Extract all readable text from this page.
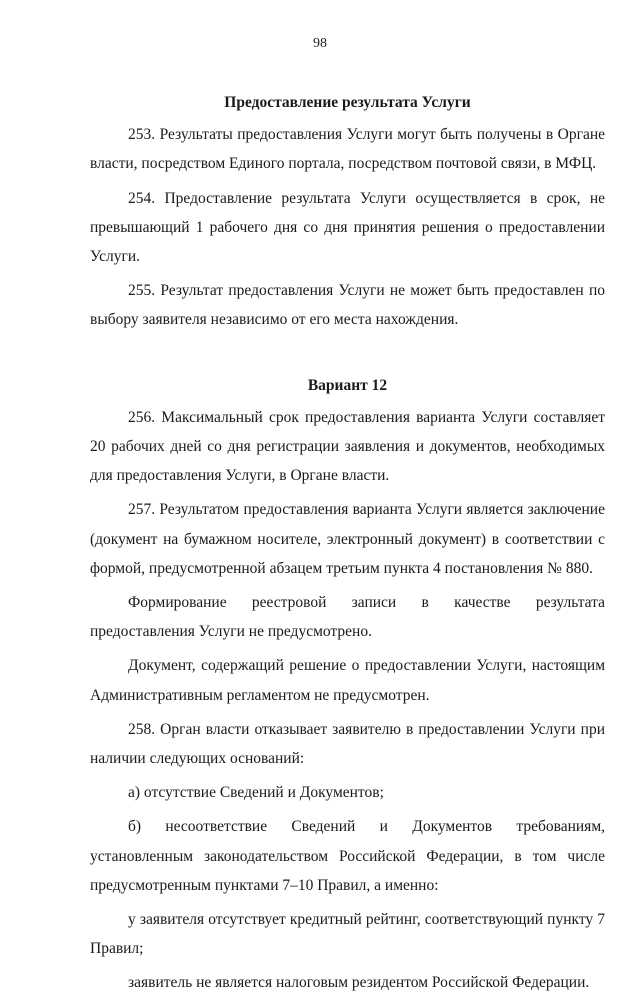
98

Предоставление результата Услуги

253. Результаты предоставления Услуги могут быть получены в Органе власти, посредством Единого портала, посредством почтовой связи, в МФЦ.

254. Предоставление результата Услуги осуществляется в срок, не превышающий 1 рабочего дня со дня принятия решения о предоставлении Услуги.

255. Результат предоставления Услуги не может быть предоставлен по выбору заявителя независимо от его места нахождения.

Вариант 12

256. Максимальный срок предоставления варианта Услуги составляет 20 рабочих дней со дня регистрации заявления и документов, необходимых для предоставления Услуги, в Органе власти.

257. Результатом предоставления варианта Услуги является заключение (документ на бумажном носителе, электронный документ) в соответствии с формой, предусмотренной абзацем третьим пункта 4 постановления № 880.

Формирование реестровой записи в качестве результата предоставления Услуги не предусмотрено.

Документ, содержащий решение о предоставлении Услуги, настоящим Административным регламентом не предусмотрен.

258. Орган власти отказывает заявителю в предоставлении Услуги при наличии следующих оснований:

а) отсутствие Сведений и Документов;

б) несоответствие Сведений и Документов требованиям, установленным законодательством Российской Федерации, в том числе предусмотренным пунктами 7–10 Правил, а именно:

у заявителя отсутствует кредитный рейтинг, соответствующий пункту 7 Правил;

заявитель не является налоговым резидентом Российской Федерации.
